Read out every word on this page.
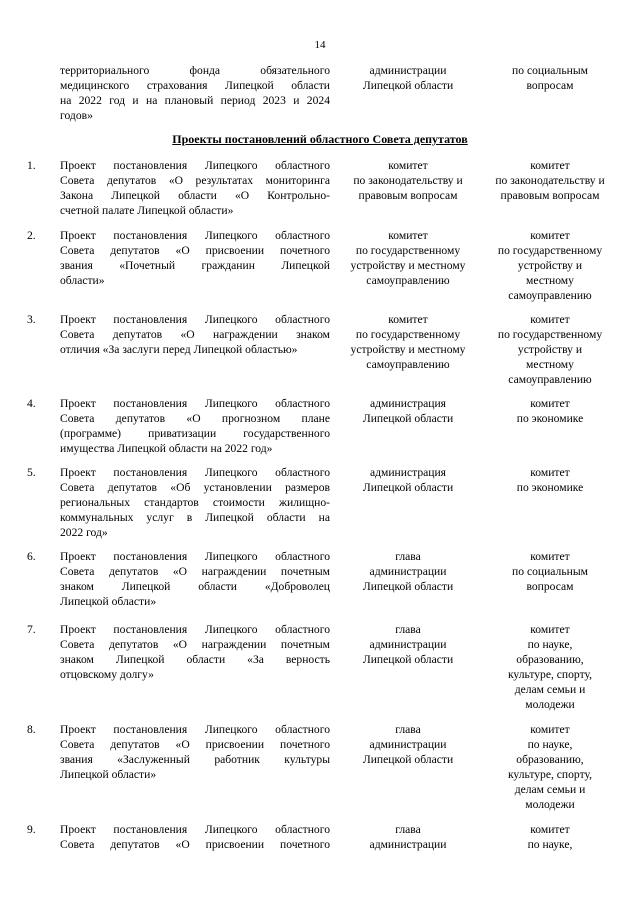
14
территориального фонда обязательного
медицинского страхования Липецкой области
на 2022 год и на плановый период 2023 и 2024
годов»
администрации
Липецкой области
по социальным
вопросам
Проекты постановлений областного Совета депутатов
1. Проект постановления Липецкого областного
Совета депутатов «О результатах мониторинга
Закона Липецкой области «О Контрольно-
счетной палате Липецкой области»
комитет
по законодательству и
правовым вопросам
комитет
по законодательству и
правовым вопросам
2. Проект постановления Липецкого областного
Совета депутатов «О присвоении почетного
звания «Почетный гражданин Липецкой
области»
комитет
по государственному
устройству и местному
самоуправлению
комитет
по государственному
устройству и
местному
самоуправлению
3. Проект постановления Липецкого областного
Совета депутатов «О награждении знаком
отличия «За заслуги перед Липецкой областью»
комитет
по государственному
устройству и местному
самоуправлению
комитет
по государственному
устройству и
местному
самоуправлению
4. Проект постановления Липецкого областного
Совета депутатов «О прогнозном плане
(программе) приватизации государственного
имущества Липецкой области на 2022 год»
администрация
Липецкой области
комитет
по экономике
5. Проект постановления Липецкого областного
Совета депутатов «Об установлении размеров
региональных стандартов стоимости жилищно-
коммунальных услуг в Липецкой области на
2022 год»
администрация
Липецкой области
комитет
по экономике
6. Проект постановления Липецкого областного
Совета депутатов «О награждении почетным
знаком Липецкой области «Доброволец
Липецкой области»
глава
администрации
Липецкой области
комитет
по социальным
вопросам
7. Проект постановления Липецкого областного
Совета депутатов «О награждении почетным
знаком Липецкой области «За верность
отцовскому долгу»
глава
администрации
Липецкой области
комитет
по науке,
образованию,
культуре, спорту,
делам семьи и
молодежи
8. Проект постановления Липецкого областного
Совета депутатов «О присвоении почетного
звания «Заслуженный работник культуры
Липецкой области»
глава
администрации
Липецкой области
комитет
по науке,
образованию,
культуре, спорту,
делам семьи и
молодежи
9. Проект постановления Липецкого областного
Совета депутатов «О присвоении почетного
глава
администрации
комитет
по науке,
